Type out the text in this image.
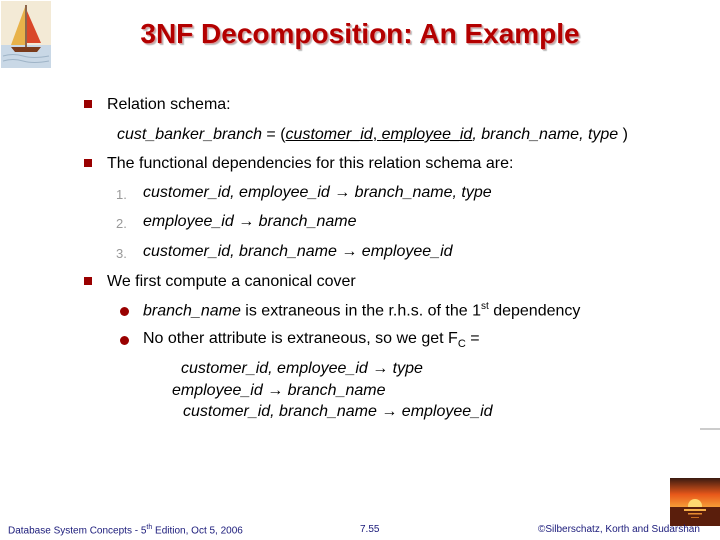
3NF Decomposition: An Example
Relation schema:
cust_banker_branch = (customer_id, employee_id, branch_name, type )
The functional dependencies for this relation schema are:
1. customer_id, employee_id → branch_name, type
2. employee_id → branch_name
3. customer_id, branch_name → employee_id
We first compute a canonical cover
branch_name is extraneous in the r.h.s. of the 1st dependency
No other attribute is extraneous, so we get $F_C$ =
customer_id, employee_id → type
employee_id → branch_name
customer_id, branch_name → employee_id
Database System Concepts - 5th Edition, Oct 5, 2006	7.55	©Silberschatz, Korth and Sudarshan
